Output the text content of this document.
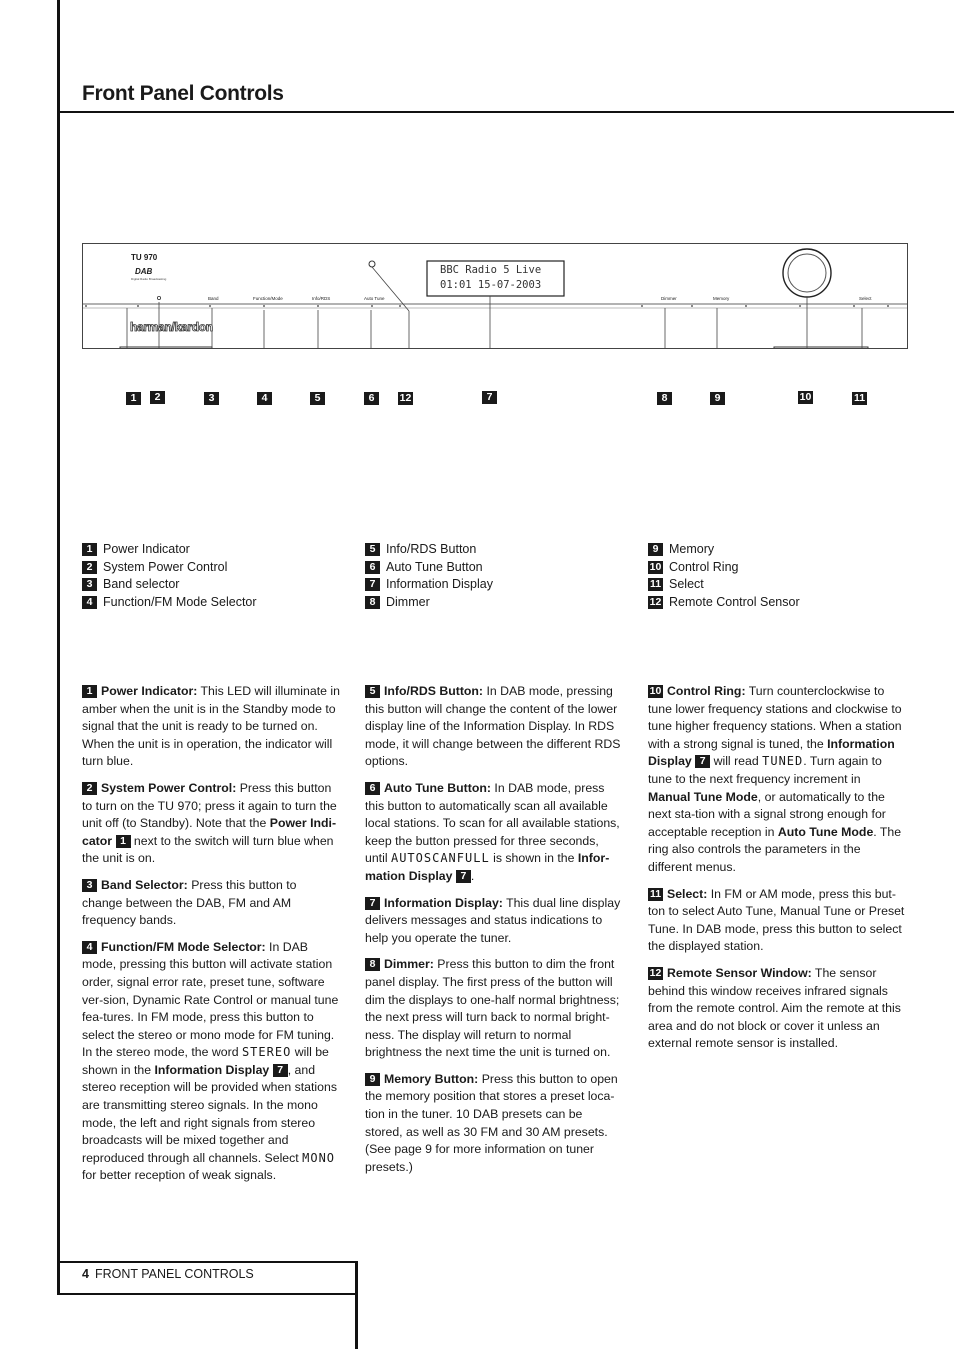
Front Panel Controls
TU 970
DAB
Digital Radio Broadcasting
harman/kardon
BBC Radio 5 Live
01:01 15-07-2003
Band	Function/Mode	Info/RDS	Auto Tune	Dimmer	Memory	Select
1	2	3	4	5	6	12	7	8	9	10	11
1 Power Indicator
2 System Power Control
3 Band selector
4 Function/FM Mode Selector
5 Info/RDS Button
6 Auto Tune Button
7 Information Display
8 Dimmer
9 Memory
10 Control Ring
11 Select
12 Remote Control Sensor

1 Power Indicator: This LED will illuminate in amber when the unit is in the Standby mode to signal that the unit is ready to be turned on. When the unit is in operation, the indicator will turn blue.

2 System Power Control: Press this button to turn on the TU 970; press it again to turn the unit off (to Standby). Note that the Power Indi-cator 1 next to the switch will turn blue when the unit is on.

3 Band Selector: Press this button to change between the DAB, FM and AM frequency bands.

4 Function/FM Mode Selector: In DAB mode, pressing this button will activate station order, signal error rate, preset tune, software ver-sion, Dynamic Rate Control or manual tune fea-tures. In FM mode, press this button to select the stereo or mono mode for FM tuning. In the stereo mode, the word STEREO will be shown in the Information Display 7 , and stereo reception will be provided when stations are transmitting stereo signals. In the mono mode, the left and right signals from stereo broadcasts will be mixed together and reproduced through all channels. Select MONO for better reception of weak signals.

5 Info/RDS Button: In DAB mode, pressing this button will change the content of the lower display line of the Information Display. In RDS mode, it will change between the different RDS options.

6 Auto Tune Button: In DAB mode, press this button to automatically scan all available local stations. To scan for all available stations, keep the button pressed for three seconds, until AUTOSCANFULL is shown in the Infor-mation Display 7 .

7 Information Display: This dual line display delivers messages and status indications to help you operate the tuner.

8 Dimmer: Press this button to dim the front panel display. The first press of the button will dim the displays to one-half normal brightness; the next press will turn back to normal bright-ness. The display will return to normal brightness the next time the unit is turned on.

9 Memory Button: Press this button to open the memory position that stores a preset loca-tion in the tuner. 10 DAB presets can be stored, as well as 30 FM and 30 AM presets. (See page 9 for more information on tuner presets.)

10 Control Ring: Turn counterclockwise to tune lower frequency stations and clockwise to tune higher frequency stations. When a station with a strong signal is tuned, the Information Display 7 will read TUNED. Turn again to tune to the next frequency increment in Manual Tune Mode, or automatically to the next sta-tion with a signal strong enough for acceptable reception in Auto Tune Mode. The ring also controls the parameters in the different menus.

11 Select: In FM or AM mode, press this but-ton to select Auto Tune, Manual Tune or Preset Tune. In DAB mode, press this button to select the displayed station.

12 Remote Sensor Window: The sensor behind this window receives infrared signals from the remote control. Aim the remote at this area and do not block or cover it unless an external remote sensor is installed.

4 FRONT PANEL CONTROLS
